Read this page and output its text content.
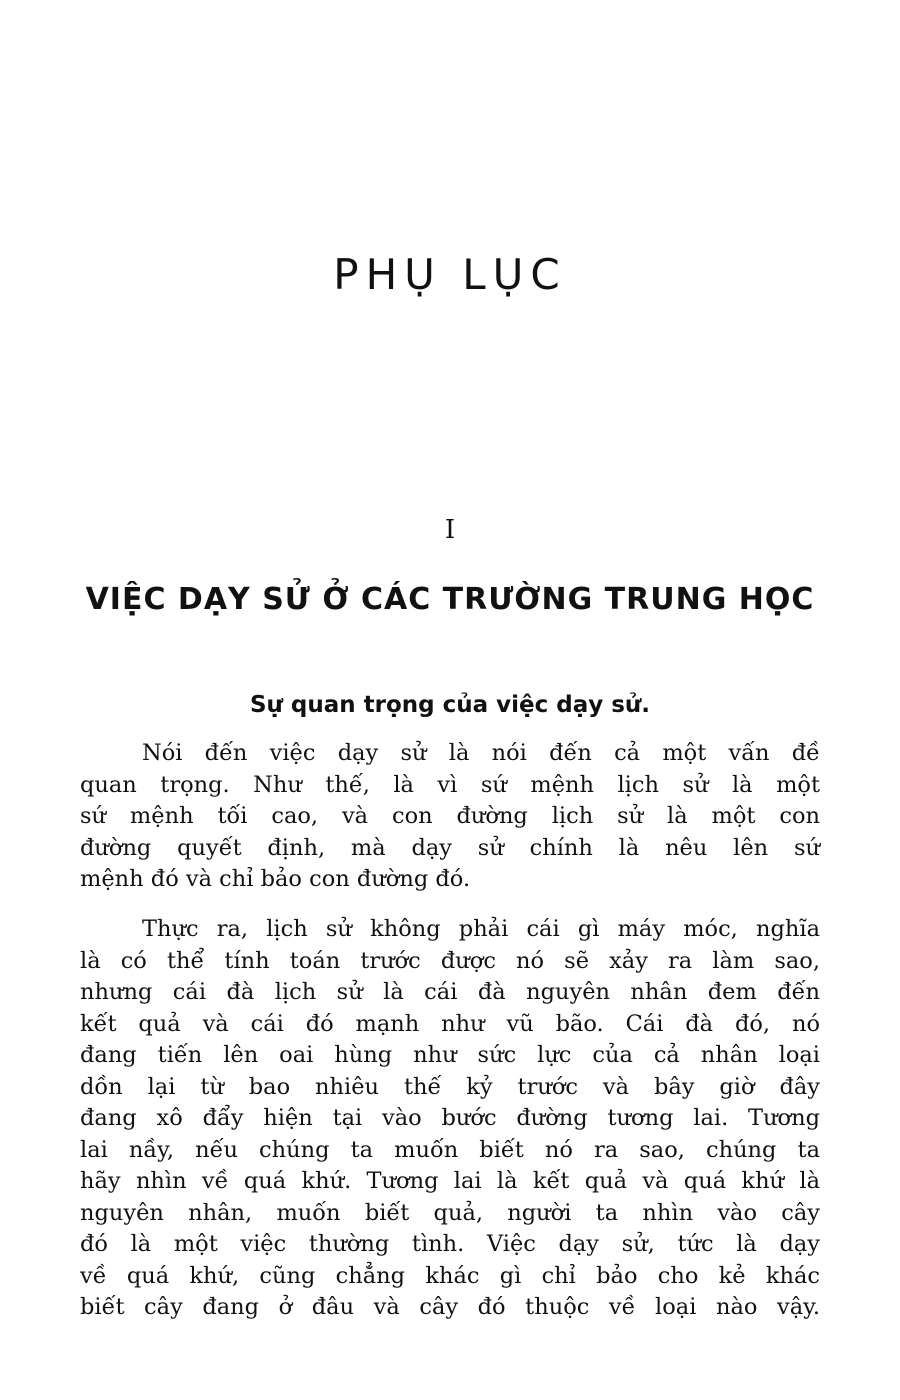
PHỤ LỤC
I
VIỆC DẠY SỬ Ở CÁC TRƯỜNG TRUNG HỌC
Sự quan trọng của việc dạy sử.
Nói đến việc dạy sử là nói đến cả một vấn đề
quan trọng. Như thế, là vì sứ mệnh lịch sử là một
sứ mệnh tối cao, và con đường lịch sử là một con
đường quyết định, mà dạy sử chính là nêu lên sứ
mệnh đó và chỉ bảo con đường đó.
Thực ra, lịch sử không phải cái gì máy móc, nghĩa
là có thể tính toán trước được nó sẽ xảy ra làm sao,
nhưng cái đà lịch sử là cái đà nguyên nhân đem đến
kết quả và cái đó mạnh như vũ bão. Cái đà đó, nó
đang tiến lên oai hùng như sức lực của cả nhân loại
dồn lại từ bao nhiêu thế kỷ trước và bây giờ đây
đang xô đẩy hiện tại vào bước đường tương lai. Tương
lai nầy, nếu chúng ta muốn biết nó ra sao, chúng ta
hãy nhìn về quá khứ. Tương lai là kết quả và quá khứ là
nguyên nhân, muốn biết quả, người ta nhìn vào cây
đó là một việc thường tình. Việc dạy sử, tức là dạy
về quá khứ, cũng chẳng khác gì chỉ bảo cho kẻ khác
biết cây đang ở đâu và cây đó thuộc về loại nào vậy.
